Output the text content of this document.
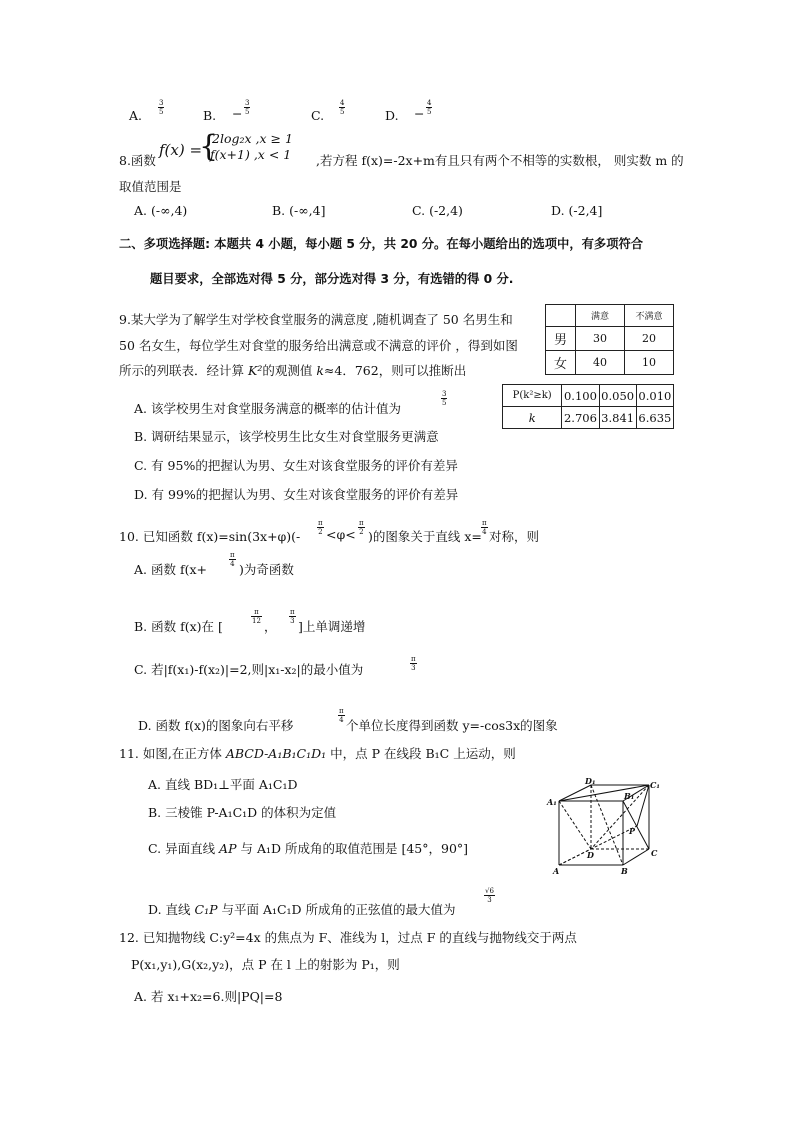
A. $\frac{3}{5}$	B. − $\frac{3}{5}$	C. $\frac{4}{5}$	D. − $\frac{4}{5}$
8.函数
f(x) =
{
2log₂x ,x ≥ 1
f(x+1) ,x < 1 ,若方程 f(x)=-2x+m有且只有两个不相等的实数根， 则实数 m 的
取值范围是
A. (-∞,4)	B. (-∞,4]	C. (-2,4)	D. (-2,4]
二、多项选择题: 本题共 4 小题，每小题 5 分，共 20 分。在每小题给出的选项中，有多项符合
题目要求，全部选对得 5 分，部分选对得 3 分，有选错的得 0 分.
9.某大学为了解学生对学校食堂服务的满意度 ,随机调查了 50 名男生和
50 名女生，每位学生对食堂的服务给出满意或不满意的评价 ，得到如图
所示的列联表．经计算 K²的观测值 k≈4．762，则可以推断出
	满意	不满意
男	30	20
女	40	10
P(k²≥k)	0.100	0.050	0.010
k	2.706	3.841	6.635
A. 该学校男生对食堂服务满意的概率的估计值为
$\frac{3}{5}$
B. 调研结果显示，该学校男生比女生对食堂服务更满意
C. 有 95%的把握认为男、女生对该食堂服务的评价有差异
D. 有 99%的把握认为男、女生对该食堂服务的评价有差异
10. 已知函数 f(x)=sin(3x+φ)(-
$\frac{\pi}{2} <\varphi< \frac{\pi}{2}$
)的图象关于直线 x=
$\frac{\pi}{4}$
对称，则
A. 函数 f(x+
$\frac{\pi}{4}$
)为奇函数
B. 函数 f(x)在 [
$\frac{\pi}{12}$
，
$\frac{\pi}{3}$
]上单调递增
C. 若|f(x₁)-f(x₂)|=2,则|x₁-x₂|的最小值为	$\frac{\pi}{3}$
D. 函数 f(x)的图象向右平移
$\frac{\pi}{4}$
个单位长度得到函数 y=-cos3x的图象
11. 如图,在正方体 ABCD-A₁B₁C₁D₁ 中，点 P 在线段 B₁C 上运动，则
A. 直线 BD₁⊥平面 A₁C₁D
B. 三棱锥 P-A₁C₁D 的体积为定值
C. 异面直线 AP 与 A₁D 所成角的取值范围是 [45°，90°]
D. 直线 C₁P 与平面 A₁C₁D 所成角的正弦值的最大值为
$\frac{√6}{3}$
D₁	C₁
A₁
B₁
D	C
A	B
P
12. 已知抛物线 C:y²=4x 的焦点为 F、准线为 l，过点 F 的直线与抛物线交于两点
P(x₁,y₁),G(x₂,y₂)，点 P 在 l 上的射影为 P₁，则
A. 若 x₁+x₂=6.则|PQ|=8
